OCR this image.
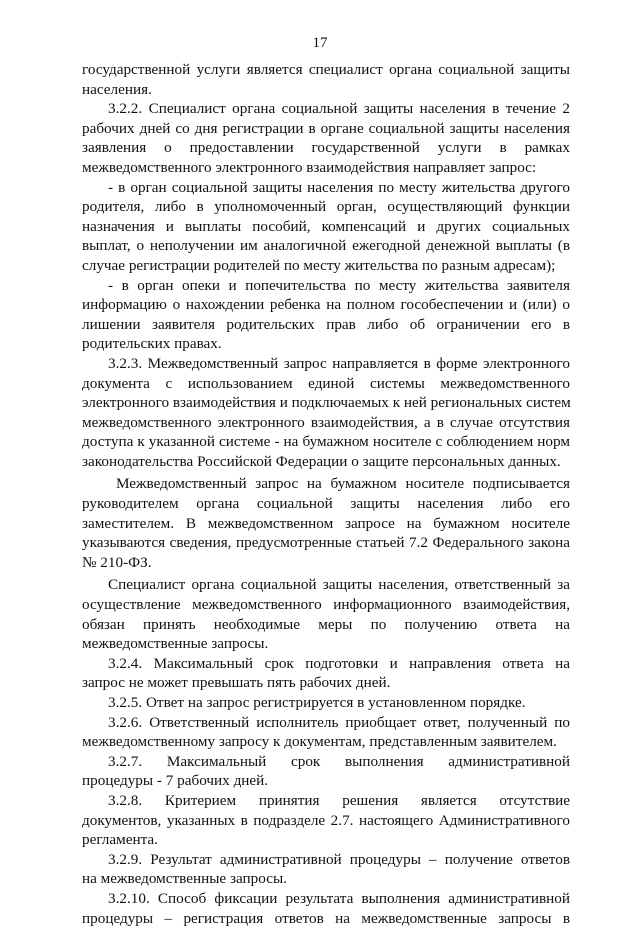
17
государственной услуги является специалист органа социальной защиты
населения.
3.2.2. Специалист органа социальной защиты населения в течение 2
рабочих дней со дня регистрации в органе социальной защиты населения
заявления о предоставлении государственной услуги в рамках
межведомственного электронного взаимодействия направляет запрос:
- в орган социальной защиты населения по месту жительства другого
родителя, либо в уполномоченный орган, осуществляющий функции
назначения и выплаты пособий, компенсаций и других социальных
выплат, о неполучении им аналогичной ежегодной денежной выплаты (в
случае регистрации родителей по месту жительства по разным адресам);
- в орган опеки и попечительства по месту жительства заявителя
информацию о нахождении ребенка на полном гособеспечении и (или) о
лишении заявителя родительских прав либо об ограничении его в
родительских правах.
3.2.3. Межведомственный запрос направляется в форме электронного
документа с использованием единой системы межведомственного
электронного взаимодействия и подключаемых к ней региональных систем
межведомственного электронного взаимодействия, а в случае отсутствия
доступа к указанной системе - на бумажном носителе с соблюдением норм
законодательства Российской Федерации о защите персональных данных.
Межведомственный запрос на бумажном носителе подписывается
руководителем органа социальной защиты населения либо его
заместителем. В межведомственном запросе на бумажном носителе
указываются сведения, предусмотренные статьей 7.2 Федерального закона
№ 210-ФЗ.
Специалист органа социальной защиты населения, ответственный за
осуществление межведомственного информационного взаимодействия,
обязан принять необходимые меры по получению ответа на
межведомственные запросы.
3.2.4. Максимальный срок подготовки и направления ответа на
запрос не может превышать пять рабочих дней.
3.2.5. Ответ на запрос регистрируется в установленном порядке.
3.2.6. Ответственный исполнитель приобщает ответ, полученный по
межведомственному запросу к документам, представленным заявителем.
3.2.7. Максимальный срок выполнения административной
процедуры - 7 рабочих дней.
3.2.8. Критерием принятия решения является отсутствие
документов, указанных в подразделе 2.7. настоящего Административного
регламента.
3.2.9. Результат административной процедуры – получение ответов
на межведомственные запросы.
3.2.10. Способ фиксации результата выполнения административной
процедуры – регистрация ответов на межведомственные запросы в
